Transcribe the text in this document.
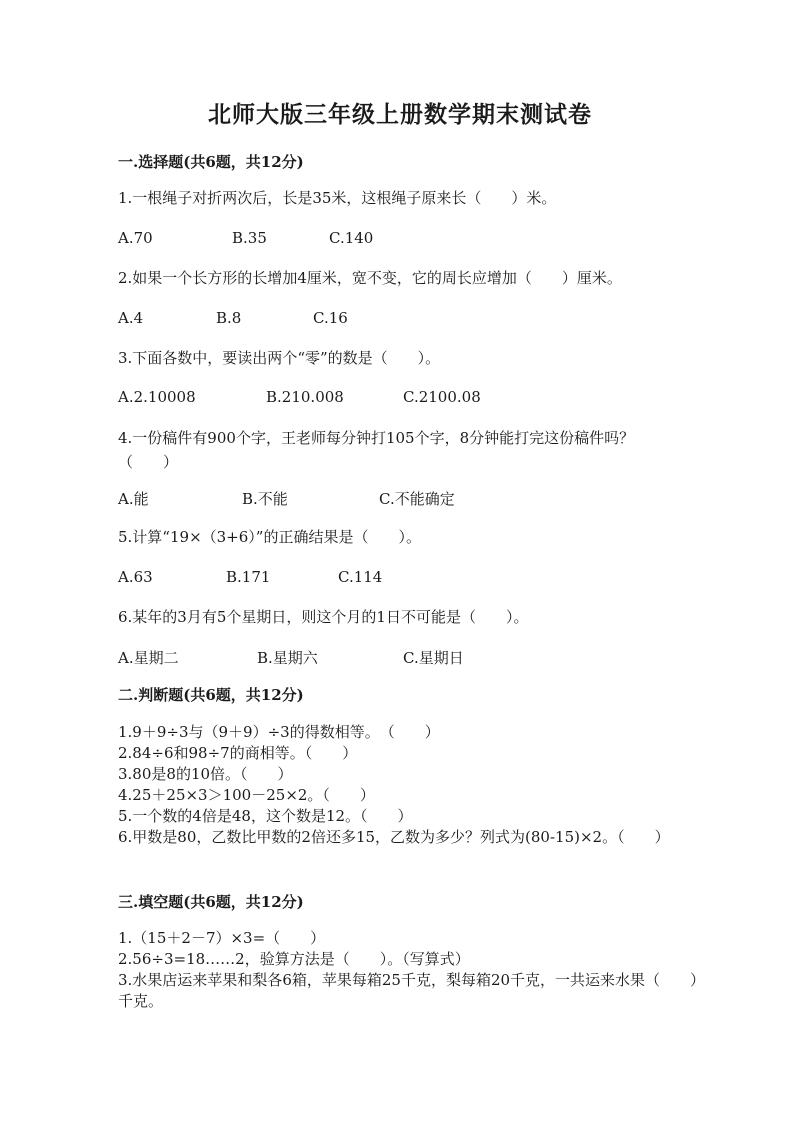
北师大版三年级上册数学期末测试卷
一.选择题(共6题，共12分)
1.一根绳子对折两次后，长是35米，这根绳子原来长（　　）米。
A.70	B.35	C.140
2.如果一个长方形的长增加4厘米，宽不变，它的周长应增加（　　）厘米。
A.4	B.8	C.16
3.下面各数中，要读出两个“零”的数是（　　）。
A.2.10008	B.210.008	C.2100.08
4.一份稿件有900个字，王老师每分钟打105个字，8分钟能打完这份稿件吗？（　　）
A.能	B.不能	C.不能确定
5.计算“19×（3+6）”的正确结果是（　　）。
A.63	B.171	C.114
6.某年的3月有5个星期日，则这个月的1日不可能是（　　）。
A.星期二	B.星期六	C.星期日
二.判断题(共6题，共12分)
1.9＋9÷3与（9＋9）÷3的得数相等。　（　　）
2.84÷6和98÷7的商相等。（　　）
3.80是8的10倍。（　　）
4.25＋25×3＞100－25×2。（　　）
5.一个数的4倍是48，这个数是12。（　　）
6.甲数是80，乙数比甲数的2倍还多15，乙数为多少？列式为(80-15)×2。（　　）
三.填空题(共6题，共12分)
1.（15＋2－7）×3=（　　）
2.56÷3=18……2，验算方法是（　　）。（写算式）
3.水果店运来苹果和梨各6箱，苹果每箱25千克，梨每箱20千克，一共运来水果（　　）千克。
